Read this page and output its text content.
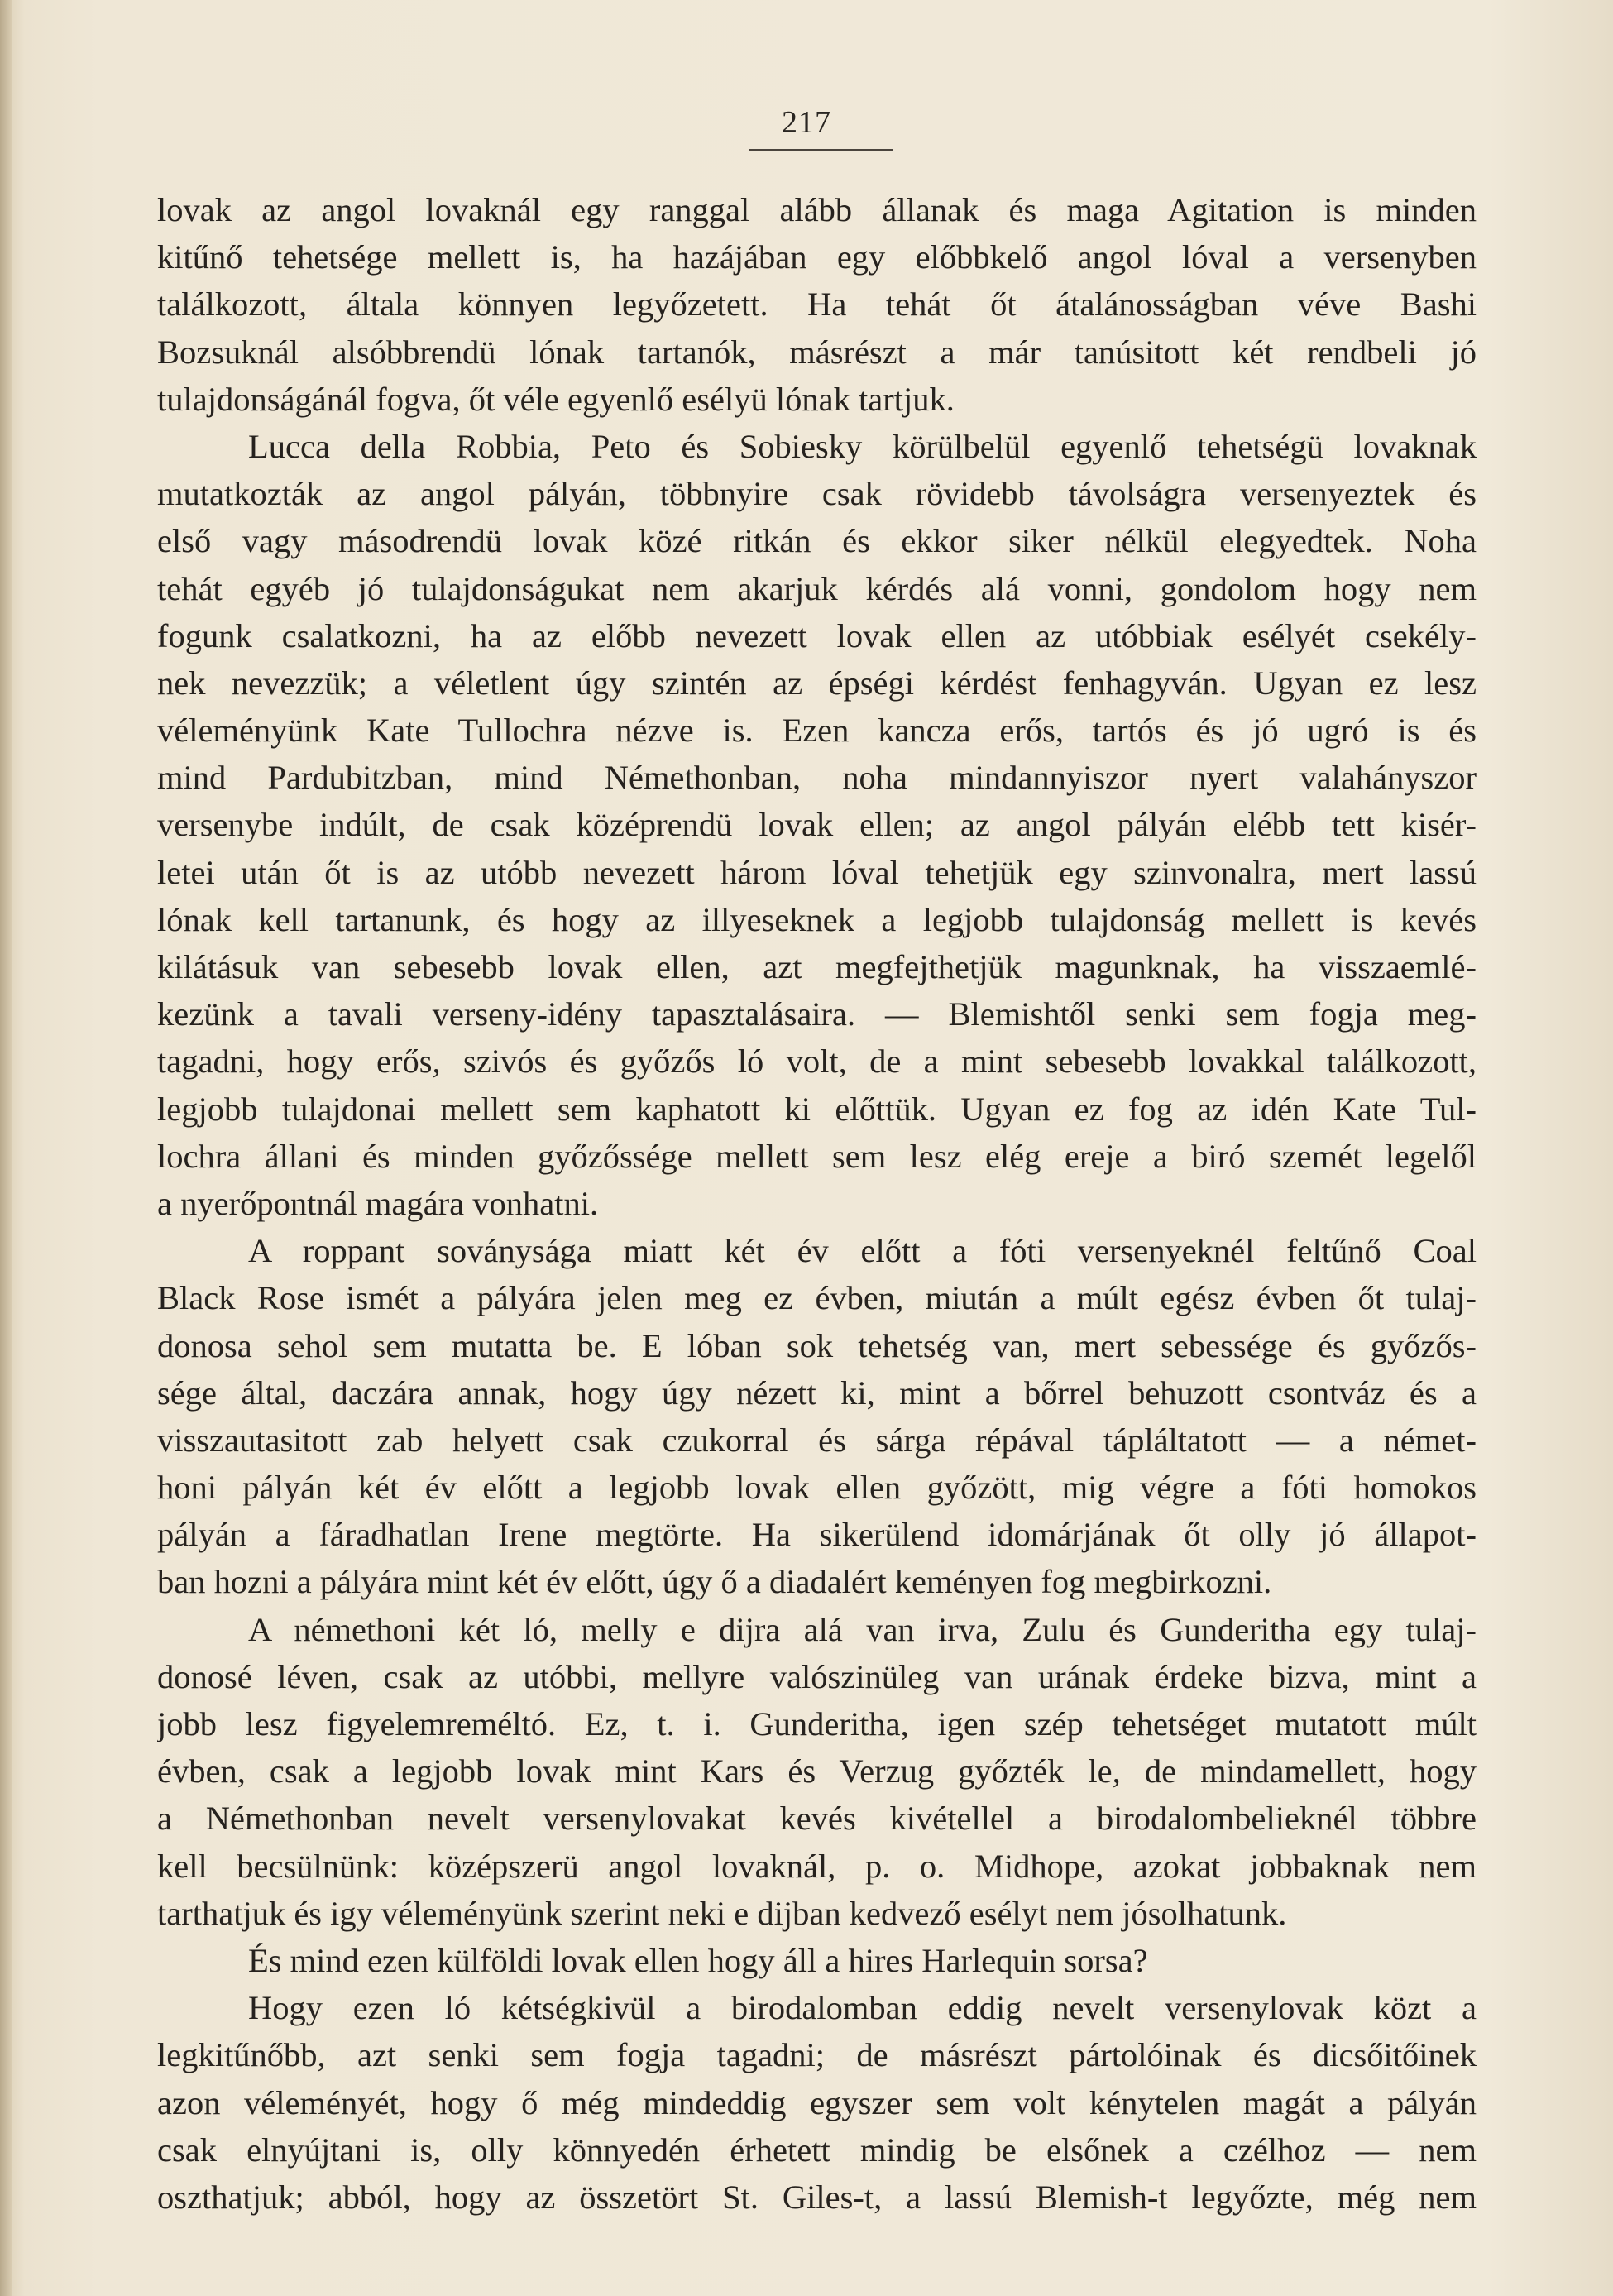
217
lovak az angol lovaknál egy ranggal alább állanak és maga Agitation is minden
kitűnő tehetsége mellett is, ha hazájában egy előbbkelő angol lóval a versenyben
találkozott, általa könnyen legyőzetett. Ha tehát őt átalánosságban véve Bashi
Bozsuknál alsóbbrendü lónak tartanók, másrészt a már tanúsitott két rendbeli jó
tulajdonságánál fogva, őt véle egyenlő esélyü lónak tartjuk.
Lucca della Robbia, Peto és Sobiesky körülbelül egyenlő tehetségü lovaknak
mutatkozták az angol pályán, többnyire csak rövidebb távolságra versenyeztek és
első vagy másodrendü lovak közé ritkán és ekkor siker nélkül elegyedtek. Noha
tehát egyéb jó tulajdonságukat nem akarjuk kérdés alá vonni, gondolom hogy nem
fogunk csalatkozni, ha az előbb nevezett lovak ellen az utóbbiak esélyét csekély-
nek nevezzük; a véletlent úgy szintén az épségi kérdést fenhagyván. Ugyan ez lesz
véleményünk Kate Tullochra nézve is. Ezen kancza erős, tartós és jó ugró is és
mind Pardubitzban, mind Némethonban, noha mindannyiszor nyert valahányszor
versenybe indúlt, de csak középrendü lovak ellen; az angol pályán elébb tett kisér-
letei után őt is az utóbb nevezett három lóval tehetjük egy szinvonalra, mert lassú
lónak kell tartanunk, és hogy az illyeseknek a legjobb tulajdonság mellett is kevés
kilátásuk van sebesebb lovak ellen, azt megfejthetjük magunknak, ha visszaemlé-
kezünk a tavali verseny-idény tapasztalásaira. — Blemishtől senki sem fogja meg-
tagadni, hogy erős, szivós és győzős ló volt, de a mint sebesebb lovakkal találkozott,
legjobb tulajdonai mellett sem kaphatott ki előttük. Ugyan ez fog az idén Kate Tul-
lochra állani és minden győzőssége mellett sem lesz elég ereje a biró szemét legelől
a nyerőpontnál magára vonhatni.
A roppant soványsága miatt két év előtt a fóti versenyeknél feltűnő Coal
Black Rose ismét a pályára jelen meg ez évben, miután a múlt egész évben őt tulaj-
donosa sehol sem mutatta be. E lóban sok tehetség van, mert sebessége és győzős-
sége által, daczára annak, hogy úgy nézett ki, mint a bőrrel behuzott csontváz és a
visszautasitott zab helyett csak czukorral és sárga répával tápláltatott — a német-
honi pályán két év előtt a legjobb lovak ellen győzött, mig végre a fóti homokos
pályán a fáradhatlan Irene megtörte. Ha sikerülend idomárjának őt olly jó állapot-
ban hozni a pályára mint két év előtt, úgy ő a diadalért keményen fog megbirkozni.
A némethoni két ló, melly e dijra alá van irva, Zulu és Gunderitha egy tulaj-
donosé léven, csak az utóbbi, mellyre valószinüleg van urának érdeke bizva, mint a
jobb lesz figyelemreméltó. Ez, t. i. Gunderitha, igen szép tehetséget mutatott múlt
évben, csak a legjobb lovak mint Kars és Verzug győzték le, de mindamellett, hogy
a Némethonban nevelt versenylovakat kevés kivétellel a birodalombelieknél többre
kell becsülnünk: középszerü angol lovaknál, p. o. Midhope, azokat jobbaknak nem
tarthatjuk és igy véleményünk szerint neki e dijban kedvező esélyt nem jósolhatunk.
És mind ezen külföldi lovak ellen hogy áll a hires Harlequin sorsa?
Hogy ezen ló kétségkivül a birodalomban eddig nevelt versenylovak közt a
legkitűnőbb, azt senki sem fogja tagadni; de másrészt pártolóinak és dicsőitőinek
azon véleményét, hogy ő még mindeddig egyszer sem volt kénytelen magát a pályán
csak elnyújtani is, olly könnyedén érhetett mindig be elsőnek a czélhoz — nem
oszthatjuk; abból, hogy az összetört St. Giles-t, a lassú Blemish-t legyőzte, még nem
